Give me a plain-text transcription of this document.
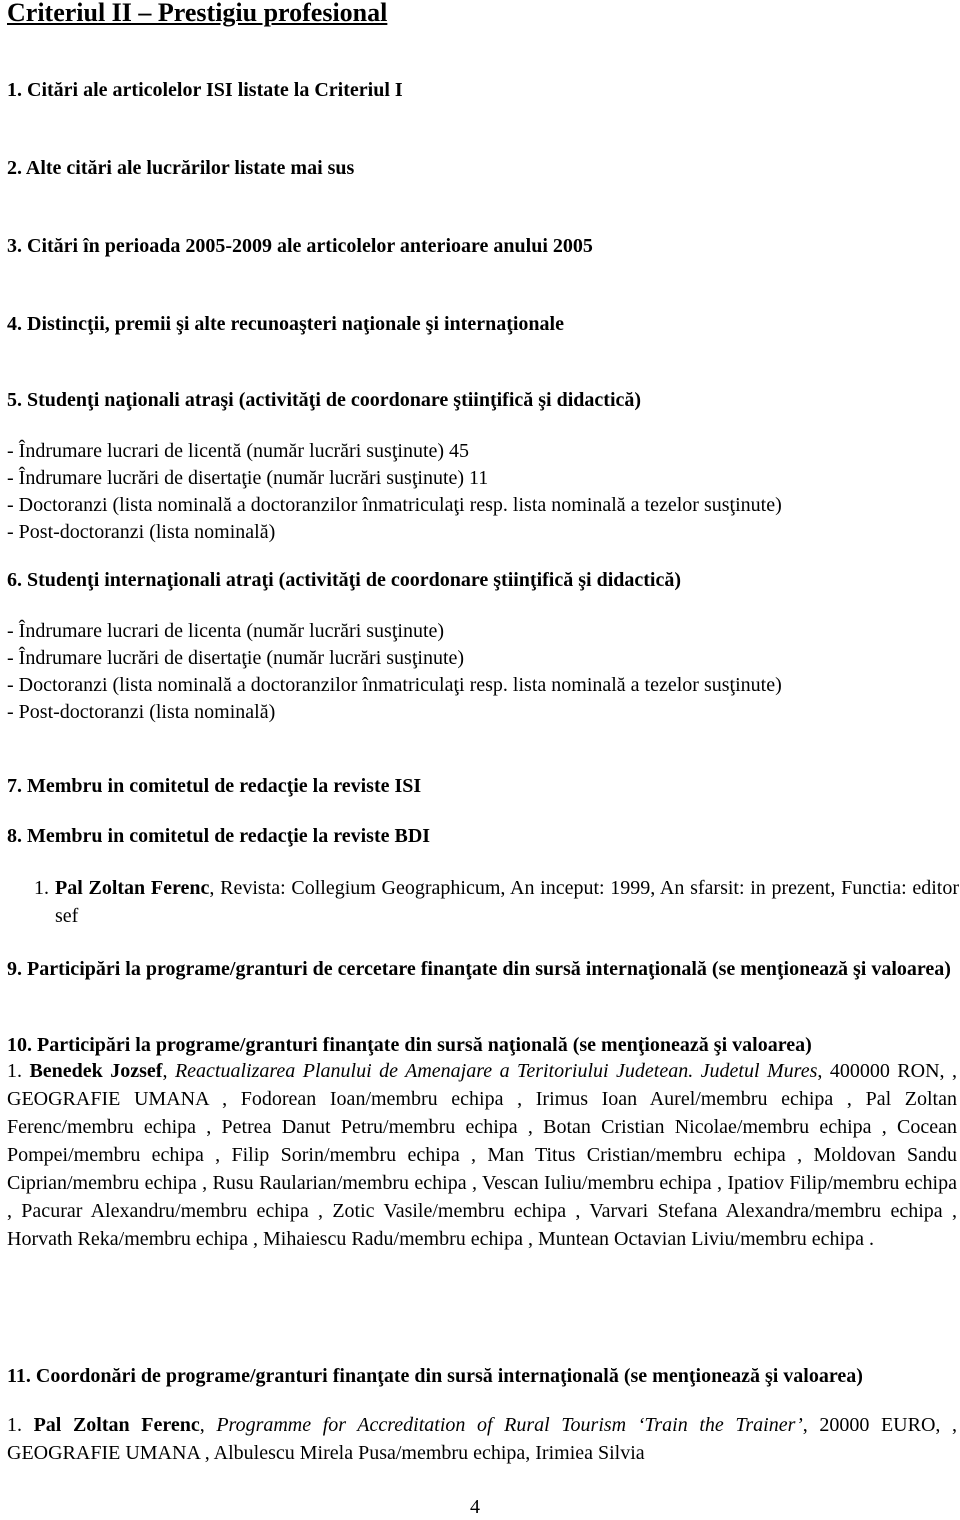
Criteriul II – Prestigiu profesional
1. Citări ale articolelor ISI listate la Criteriul I
2. Alte citări ale lucrărilor listate mai sus
3. Citări în perioada 2005-2009 ale articolelor anterioare anului 2005
4. Distincţii, premii şi alte recunoaşteri naţionale şi internaţionale
5. Studenţi naţionali atraşi (activităţi de coordonare ştiinţifică şi didactică)
- Îndrumare lucrari de licentă (număr lucrări susţinute) 45
- Îndrumare lucrări de disertaţie (număr lucrări susţinute) 11
- Doctoranzi (lista nominală a doctoranzilor înmatriculaţi resp. lista nominală a tezelor susţinute)
- Post-doctoranzi (lista nominală)
6. Studenţi internaţionali atraţi (activităţi de coordonare ştiinţifică şi didactică)
- Îndrumare lucrari de licenta (număr lucrări susţinute)
- Îndrumare lucrări de disertaţie (număr lucrări susţinute)
- Doctoranzi (lista nominală a doctoranzilor înmatriculaţi resp. lista nominală a tezelor susţinute)
- Post-doctoranzi (lista nominală)
7. Membru in comitetul de redacţie la reviste ISI
8. Membru in comitetul de redacţie la reviste BDI
1. Pal Zoltan Ferenc, Revista: Collegium Geographicum, An inceput: 1999, An sfarsit: in prezent, Functia: editor sef
9. Participări la programe/granturi de cercetare finanţate din sursă internaţională (se menţionează şi valoarea)
10. Participări la programe/granturi finanţate din sursă naţională (se menţionează şi valoarea)
1. Benedek Jozsef, Reactualizarea Planului de Amenajare a Teritoriului Judetean. Judetul Mures, 400000 RON, , GEOGRAFIE UMANA , Fodorean Ioan/membru echipa , Irimus Ioan Aurel/membru echipa , Pal Zoltan Ferenc/membru echipa , Petrea Danut Petru/membru echipa , Botan Cristian Nicolae/membru echipa , Cocean Pompei/membru echipa , Filip Sorin/membru echipa , Man Titus Cristian/membru echipa , Moldovan Sandu Ciprian/membru echipa , Rusu Raularian/membru echipa , Vescan Iuliu/membru echipa , Ipatiov Filip/membru echipa , Pacurar Alexandru/membru echipa , Zotic Vasile/membru echipa , Varvari Stefana Alexandra/membru echipa , Horvath Reka/membru echipa , Mihaiescu Radu/membru echipa , Muntean Octavian Liviu/membru echipa .
11. Coordonări de programe/granturi finanţate din sursă internaţională (se menţionează şi valoarea)
1. Pal Zoltan Ferenc, Programme for Accreditation of Rural Tourism ‘Train the Trainer’, 20000 EURO, , GEOGRAFIE UMANA , Albulescu Mirela Pusa/membru echipa, Irimiea Silvia
4
